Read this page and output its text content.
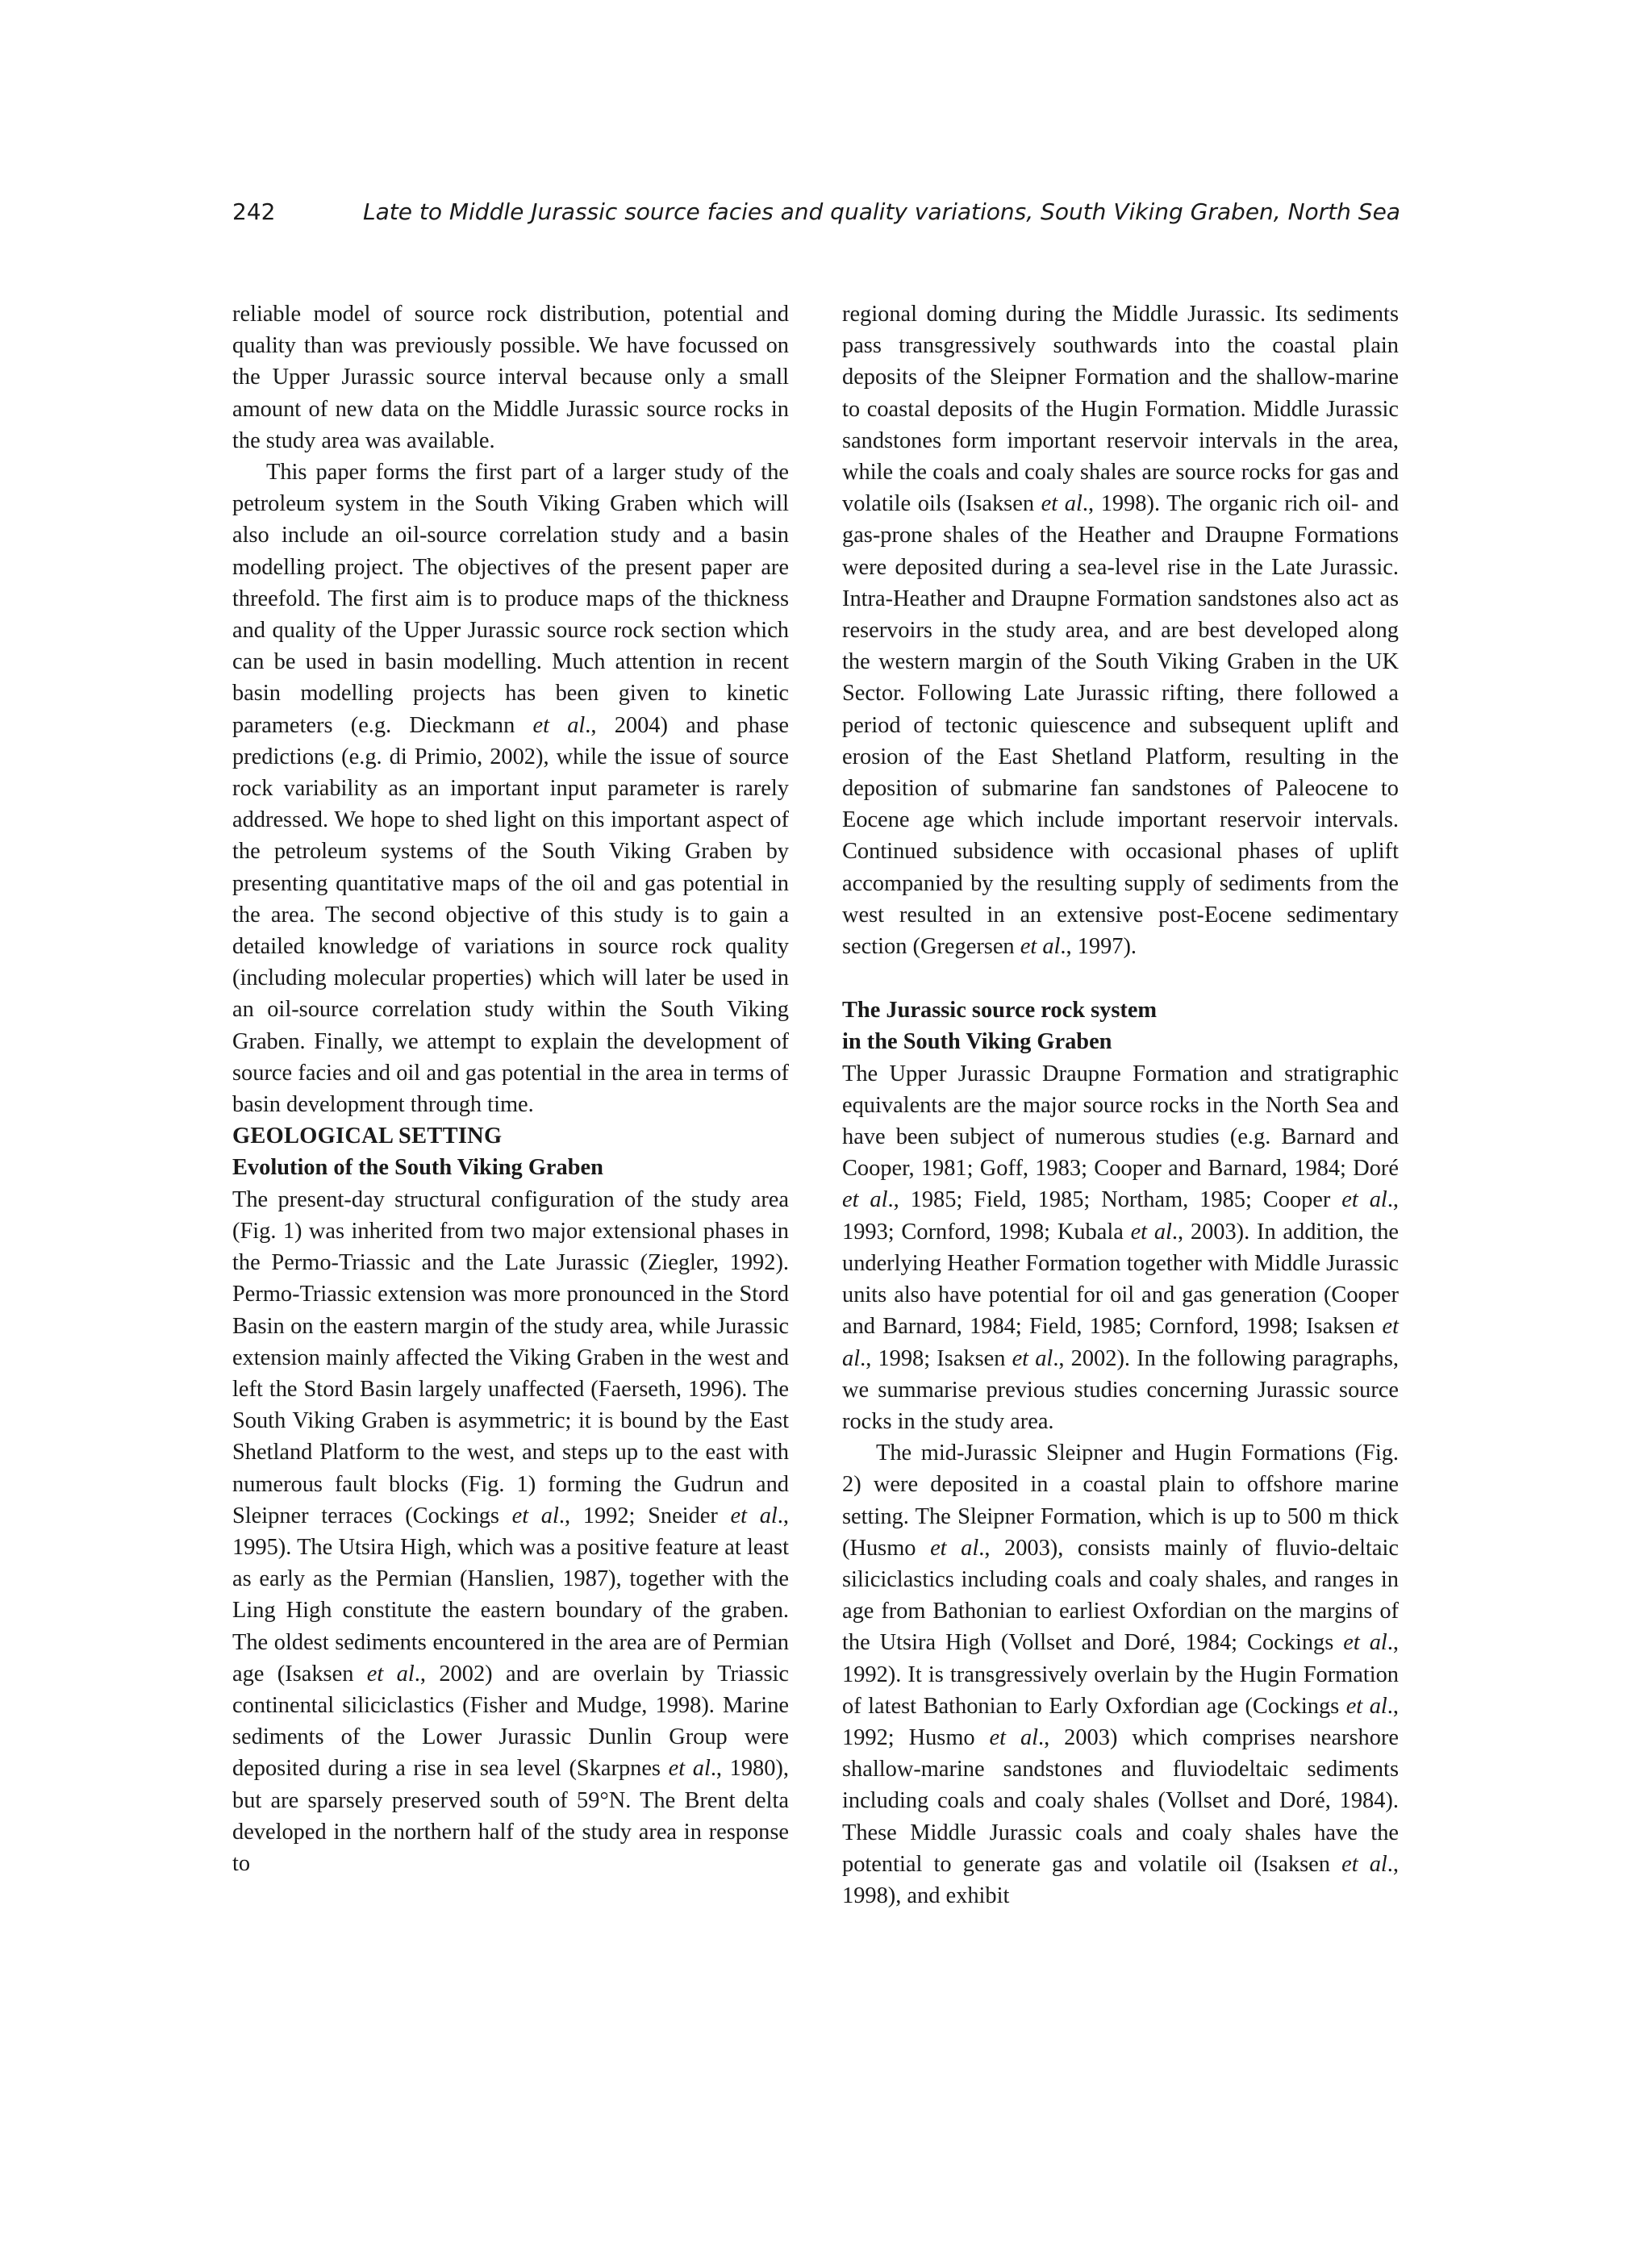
242	Late to Middle Jurassic source facies and quality variations, South Viking Graben, North Sea

reliable model of source rock distribution, potential and quality than was previously possible. We have focussed on the Upper Jurassic source interval because only a small amount of new data on the Middle Jurassic source rocks in the study area was available.

This paper forms the first part of a larger study of the petroleum system in the South Viking Graben which will also include an oil-source correlation study and a basin modelling project. The objectives of the present paper are threefold. The first aim is to produce maps of the thickness and quality of the Upper Jurassic source rock section which can be used in basin modelling. Much attention in recent basin modelling projects has been given to kinetic parameters (e.g. Dieckmann et al., 2004) and phase predictions (e.g. di Primio, 2002), while the issue of source rock variability as an important input parameter is rarely addressed. We hope to shed light on this important aspect of the petroleum systems of the South Viking Graben by presenting quantitative maps of the oil and gas potential in the area. The second objective of this study is to gain a detailed knowledge of variations in source rock quality (including molecular properties) which will later be used in an oil-source correlation study within the South Viking Graben. Finally, we attempt to explain the development of source facies and oil and gas potential in the area in terms of basin development through time.

GEOLOGICAL SETTING

Evolution of the South Viking Graben

The present-day structural configuration of the study area (Fig. 1) was inherited from two major extensional phases in the Permo-Triassic and the Late Jurassic (Ziegler, 1992). Permo-Triassic extension was more pronounced in the Stord Basin on the eastern margin of the study area, while Jurassic extension mainly affected the Viking Graben in the west and left the Stord Basin largely unaffected (Faerseth, 1996). The South Viking Graben is asymmetric; it is bound by the East Shetland Platform to the west, and steps up to the east with numerous fault blocks (Fig. 1) forming the Gudrun and Sleipner terraces (Cockings et al., 1992; Sneider et al., 1995). The Utsira High, which was a positive feature at least as early as the Permian (Hanslien, 1987), together with the Ling High constitute the eastern boundary of the graben. The oldest sediments encountered in the area are of Permian age (Isaksen et al., 2002) and are overlain by Triassic continental siliciclastics (Fisher and Mudge, 1998). Marine sediments of the Lower Jurassic Dunlin Group were deposited during a rise in sea level (Skarpnes et al., 1980), but are sparsely preserved south of 59°N. The Brent delta developed in the northern half of the study area in response to

regional doming during the Middle Jurassic. Its sediments pass transgressively southwards into the coastal plain deposits of the Sleipner Formation and the shallow-marine to coastal deposits of the Hugin Formation. Middle Jurassic sandstones form important reservoir intervals in the area, while the coals and coaly shales are source rocks for gas and volatile oils (Isaksen et al., 1998). The organic rich oil- and gas-prone shales of the Heather and Draupne Formations were deposited during a sea-level rise in the Late Jurassic. Intra-Heather and Draupne Formation sandstones also act as reservoirs in the study area, and are best developed along the western margin of the South Viking Graben in the UK Sector. Following Late Jurassic rifting, there followed a period of tectonic quiescence and subsequent uplift and erosion of the East Shetland Platform, resulting in the deposition of submarine fan sandstones of Paleocene to Eocene age which include important reservoir intervals. Continued subsidence with occasional phases of uplift accompanied by the resulting supply of sediments from the west resulted in an extensive post-Eocene sedimentary section (Gregersen et al., 1997).

The Jurassic source rock system
in the South Viking Graben

The Upper Jurassic Draupne Formation and stratigraphic equivalents are the major source rocks in the North Sea and have been subject of numerous studies (e.g. Barnard and Cooper, 1981; Goff, 1983; Cooper and Barnard, 1984; Doré et al., 1985; Field, 1985; Northam, 1985; Cooper et al., 1993; Cornford, 1998; Kubala et al., 2003). In addition, the underlying Heather Formation together with Middle Jurassic units also have potential for oil and gas generation (Cooper and Barnard, 1984; Field, 1985; Cornford, 1998; Isaksen et al., 1998; Isaksen et al., 2002). In the following paragraphs, we summarise previous studies concerning Jurassic source rocks in the study area.

The mid-Jurassic Sleipner and Hugin Formations (Fig. 2) were deposited in a coastal plain to offshore marine setting. The Sleipner Formation, which is up to 500 m thick (Husmo et al., 2003), consists mainly of fluvio-deltaic siliciclastics including coals and coaly shales, and ranges in age from Bathonian to earliest Oxfordian on the margins of the Utsira High (Vollset and Doré, 1984; Cockings et al., 1992). It is transgressively overlain by the Hugin Formation of latest Bathonian to Early Oxfordian age (Cockings et al., 1992; Husmo et al., 2003) which comprises nearshore shallow-marine sandstones and fluviodeltaic sediments including coals and coaly shales (Vollset and Doré, 1984). These Middle Jurassic coals and coaly shales have the potential to generate gas and volatile oil (Isaksen et al., 1998), and exhibit
